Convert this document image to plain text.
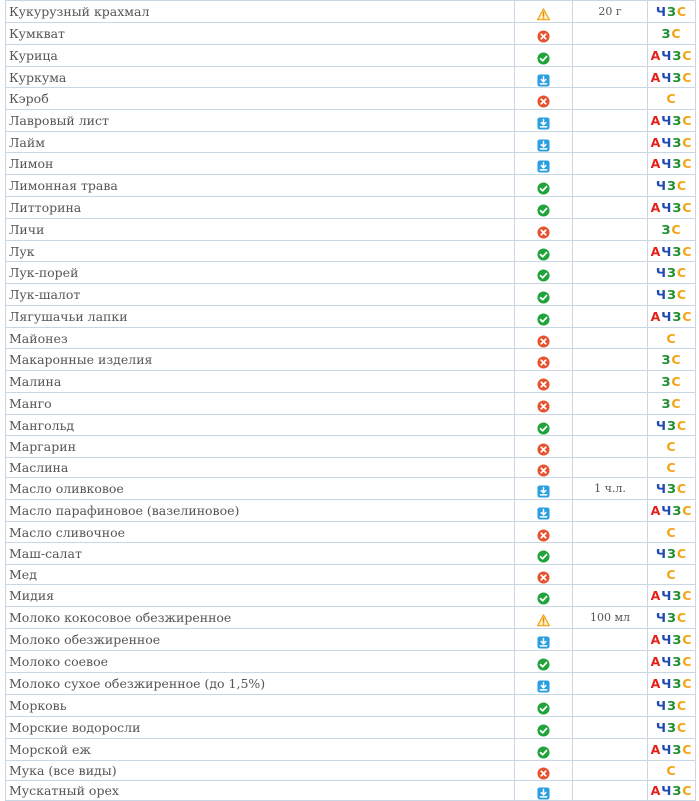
Кукурузный крахмал		20 г	ЧЗС
Кумкват			ЗС
Курица			АЧЗС
Куркума			АЧЗС
Кэроб			С
Лавровый лист			АЧЗС
Лайм			АЧЗС
Лимон			АЧЗС
Лимонная трава			ЧЗС
Литторина			АЧЗС
Личи			ЗС
Лук			АЧЗС
Лук-порей			ЧЗС
Лук-шалот			ЧЗС
Лягушачьи лапки			АЧЗС
Майонез			С
Макаронные изделия			ЗС
Малина			ЗС
Манго			ЗС
Мангольд			ЧЗС
Маргарин			С
Маслина			С
Масло оливковое		1 ч.л.	ЧЗС
Масло парафиновое (вазелиновое)			АЧЗС
Масло сливочное			С
Маш-салат			ЧЗС
Мед			С
Мидия			АЧЗС
Молоко кокосовое обезжиренное		100 мл	ЧЗС
Молоко обезжиренное			АЧЗС
Молоко соевое			АЧЗС
Молоко сухое обезжиренное (до 1,5%)			АЧЗС
Морковь			ЧЗС
Морские водоросли			ЧЗС
Морской еж			АЧЗС
Мука (все виды)			С
Мускатный орех			АЧЗС
